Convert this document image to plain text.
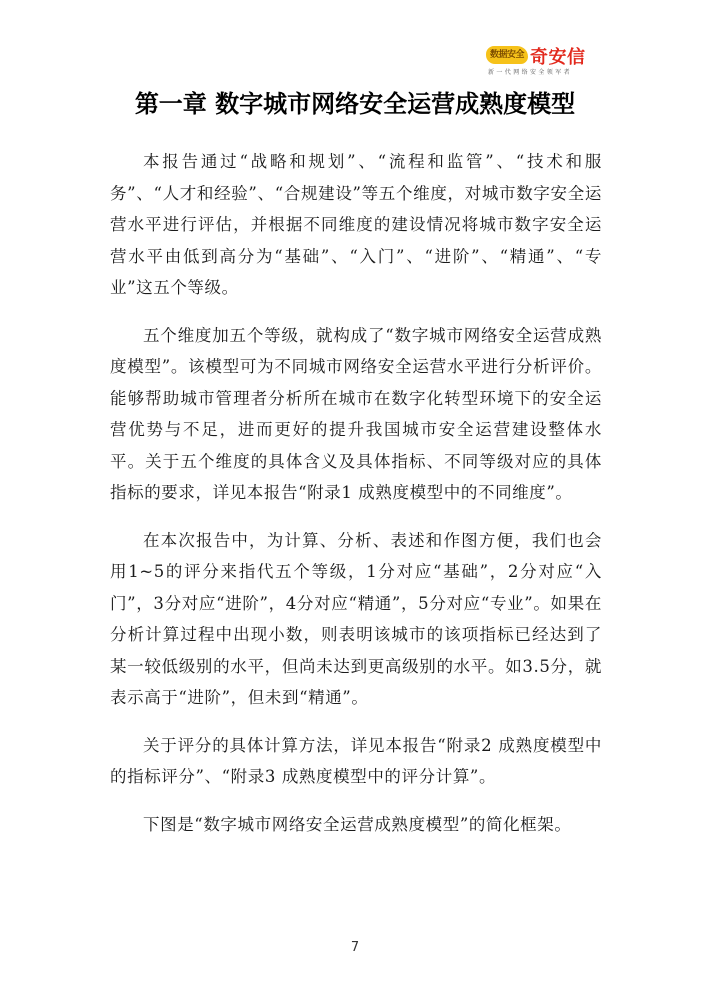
数据安全 奇安信
新一代网络安全领军者
第一章 数字城市网络安全运营成熟度模型

本报告通过“战略和规划”、“流程和监管”、“技术和服务”、“人才和经验”、“合规建设”等五个维度，对城市数字安全运营水平进行评估，并根据不同维度的建设情况将城市数字安全运营水平由低到高分为“基础”、“入门”、“进阶”、“精通”、“专业”这五个等级。

五个维度加五个等级，就构成了“数字城市网络安全运营成熟度模型”。该模型可为不同城市网络安全运营水平进行分析评价。能够帮助城市管理者分析所在城市在数字化转型环境下的安全运营优势与不足，进而更好的提升我国城市安全运营建设整体水平。关于五个维度的具体含义及具体指标、不同等级对应的具体指标的要求，详见本报告“附录1 成熟度模型中的不同维度”。

在本次报告中，为计算、分析、表述和作图方便，我们也会用1~5的评分来指代五个等级，1分对应“基础”，2分对应“入门”，3分对应“进阶”，4分对应“精通”，5分对应“专业”。如果在分析计算过程中出现小数，则表明该城市的该项指标已经达到了某一较低级别的水平，但尚未达到更高级别的水平。如3.5分，就表示高于“进阶”，但未到“精通”。

关于评分的具体计算方法，详见本报告“附录2 成熟度模型中的指标评分”、“附录3 成熟度模型中的评分计算”。

下图是“数字城市网络安全运营成熟度模型”的简化框架。

7
